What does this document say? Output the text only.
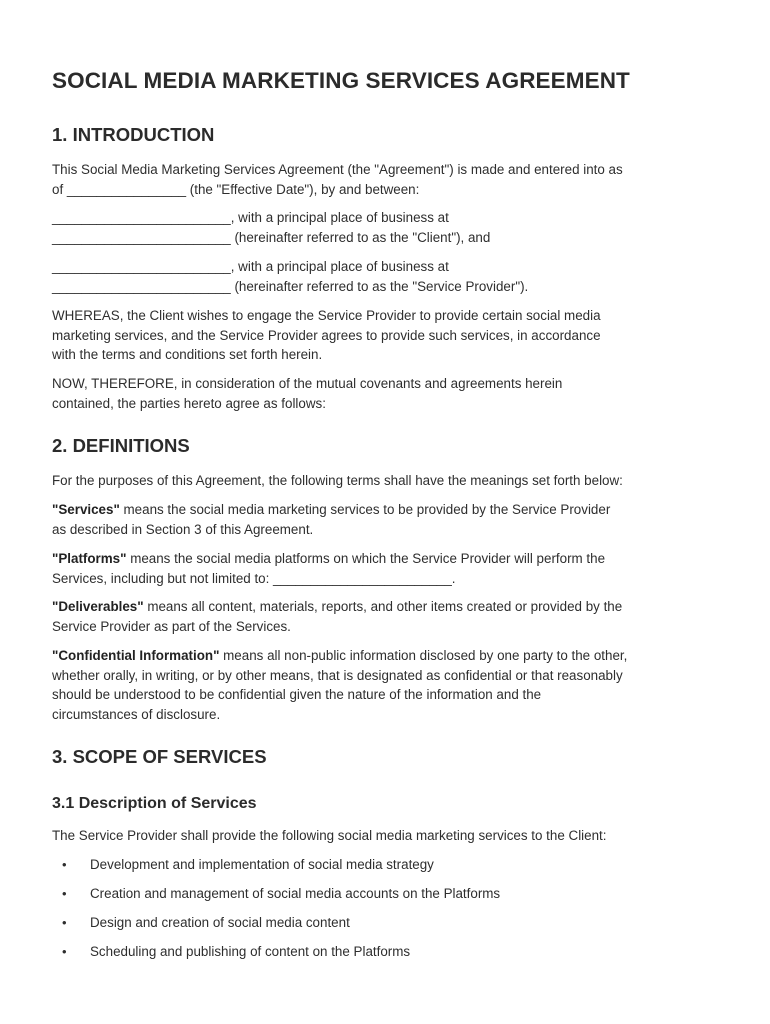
SOCIAL MEDIA MARKETING SERVICES AGREEMENT
1. INTRODUCTION

This Social Media Marketing Services Agreement (the "Agreement") is made and entered into as
of ________________ (the "Effective Date"), by and between:

________________________, with a principal place of business at
________________________ (hereinafter referred to as the "Client"), and

________________________, with a principal place of business at
________________________ (hereinafter referred to as the "Service Provider").

WHEREAS, the Client wishes to engage the Service Provider to provide certain social media
marketing services, and the Service Provider agrees to provide such services, in accordance
with the terms and conditions set forth herein.

NOW, THEREFORE, in consideration of the mutual covenants and agreements herein
contained, the parties hereto agree as follows:

2. DEFINITIONS

For the purposes of this Agreement, the following terms shall have the meanings set forth below:

"Services" means the social media marketing services to be provided by the Service Provider
as described in Section 3 of this Agreement.

"Platforms" means the social media platforms on which the Service Provider will perform the
Services, including but not limited to: ________________________.

"Deliverables" means all content, materials, reports, and other items created or provided by the
Service Provider as part of the Services.

"Confidential Information" means all non-public information disclosed by one party to the other,
whether orally, in writing, or by other means, that is designated as confidential or that reasonably
should be understood to be confidential given the nature of the information and the
circumstances of disclosure.

3. SCOPE OF SERVICES
3.1 Description of Services

The Service Provider shall provide the following social media marketing services to the Client:

• Development and implementation of social media strategy
• Creation and management of social media accounts on the Platforms
• Design and creation of social media content
• Scheduling and publishing of content on the Platforms
